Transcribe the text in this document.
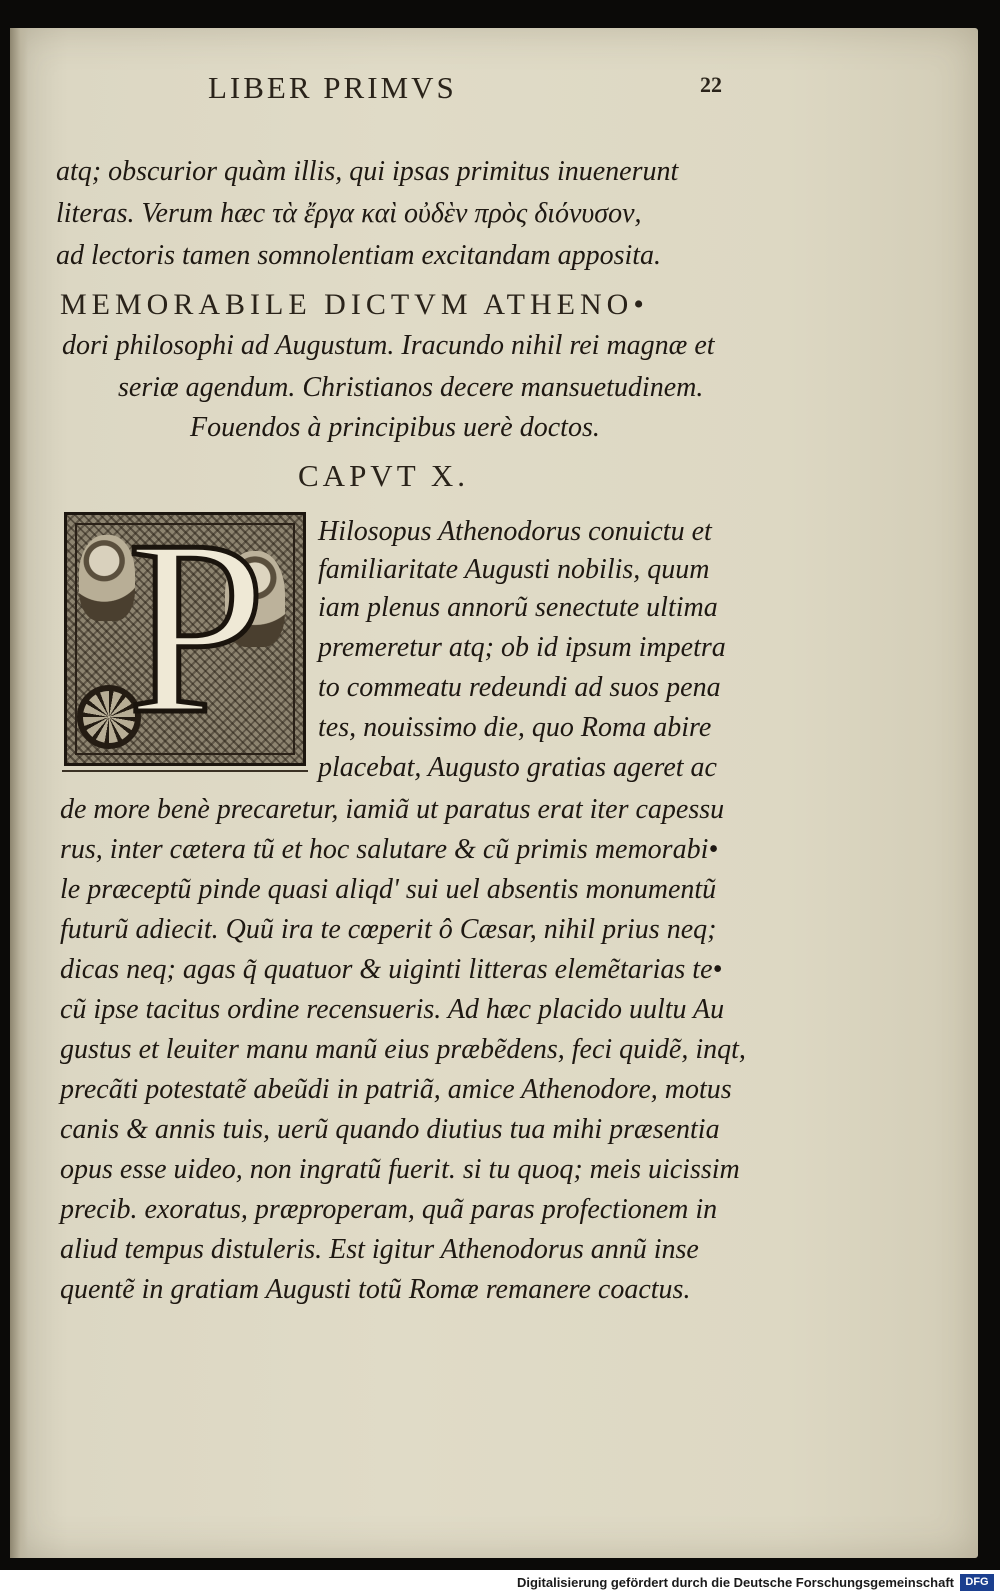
LIBER PRIMVS	22
atq; obscurior quàm illis, qui ipsas primitus inuenerunt
literas. Verum hæc τὰ ἔργα καὶ οὐδὲν πρὸς διόνυσον,
ad lectoris tamen somnolentiam excitandam apposita.
MEMORABILE DICTVM ATHENO•
dori philosophi ad Augustum. Iracundo nihil rei magnæ et
seriæ agendum. Christianos decere mansuetudinem.
Fouendos à principibus uerè doctos.
CAPVT X.
P Hilosopus Athenodorus conuictu et
familiaritate Augusti nobilis, quum
iam plenus annorũ senectute ultima
premeretur atq; ob id ipsum impetra
to commeatu redeundi ad suos pena
tes, nouissimo die, quo Roma abire
placebat, Augusto gratias ageret ac
de more benè precaretur, iamiã ut paratus erat iter capessu
rus, inter cætera tũ et hoc salutare & cũ primis memorabi•
le præceptũ pinde quasi aliqd' sui uel absentis monumentũ
futurũ adiecit. Quũ ira te cœperit ô Cæsar, nihil prius neq;
dicas neq; agas q̃ quatuor & uiginti litteras elemẽtarias te•
cũ ipse tacitus ordine recensueris. Ad hæc placido uultu Au
gustus et leuiter manu manũ eius præbẽdens, feci quidẽ, inqt,
precãti potestatẽ abeũdi in patriã, amice Athenodore, motus
canis & annis tuis, uerũ quando diutius tua mihi præsentia
opus esse uideo, non ingratũ fuerit. si tu quoq; meis uicissim
precib. exoratus, præproperam, quã paras profectionem in
aliud tempus distuleris. Est igitur Athenodorus annũ inse
quentẽ in gratiam Augusti totũ Romæ remanere coactus.
Digitalisierung gefördert durch die Deutsche Forschungsgemeinschaft	DFG
